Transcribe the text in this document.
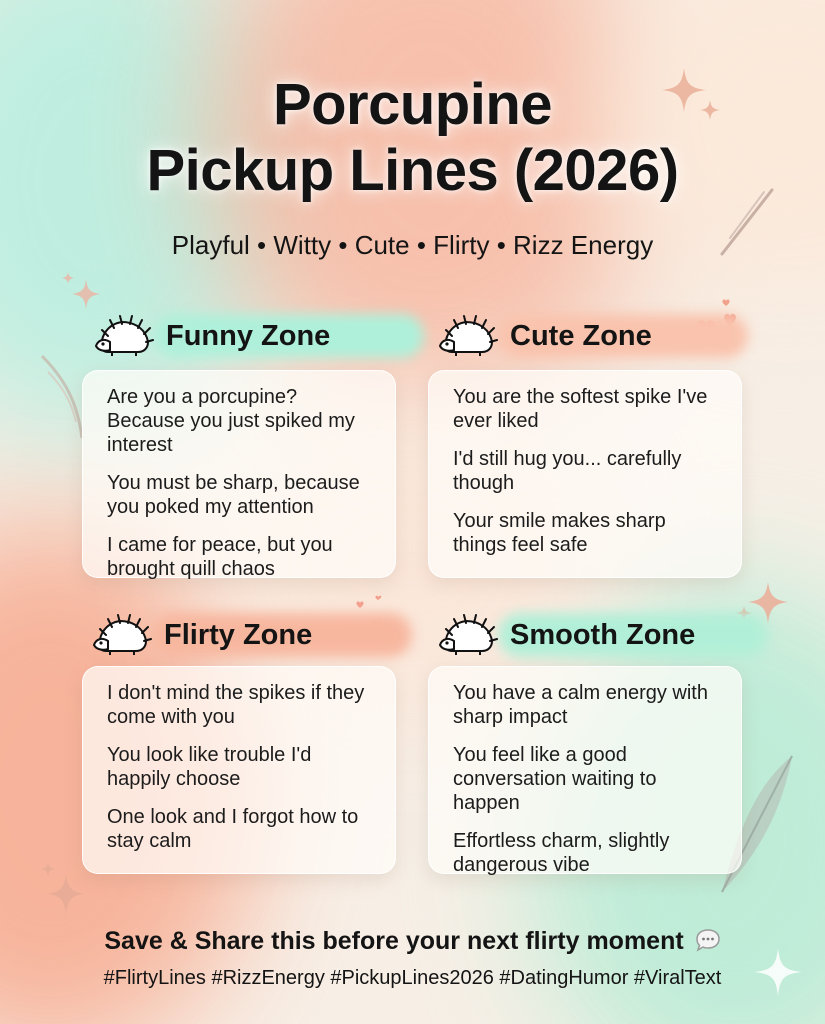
Porcupine
Pickup Lines (2026)
Playful • Witty • Cute • Flirty • Rizz Energy
Funny Zone	Cute Zone
Flirty Zone	Smooth Zone

Are you a porcupine? Because you just spiked my interest

You must be sharp, because you poked my attention

I came for peace, but you brought quill chaos

You are the softest spike I've ever liked

I'd still hug you... carefully though

Your smile makes sharp things feel safe

I don't mind the spikes if they come with you

You look like trouble I'd happily choose

One look and I forgot how to stay calm

You have a calm energy with sharp impact

You feel like a good conversation waiting to happen

Effortless charm, slightly dangerous vibe

Save & Share this before your next flirty moment
#FlirtyLines #RizzEnergy #PickupLines2026 #DatingHumor #ViralText
